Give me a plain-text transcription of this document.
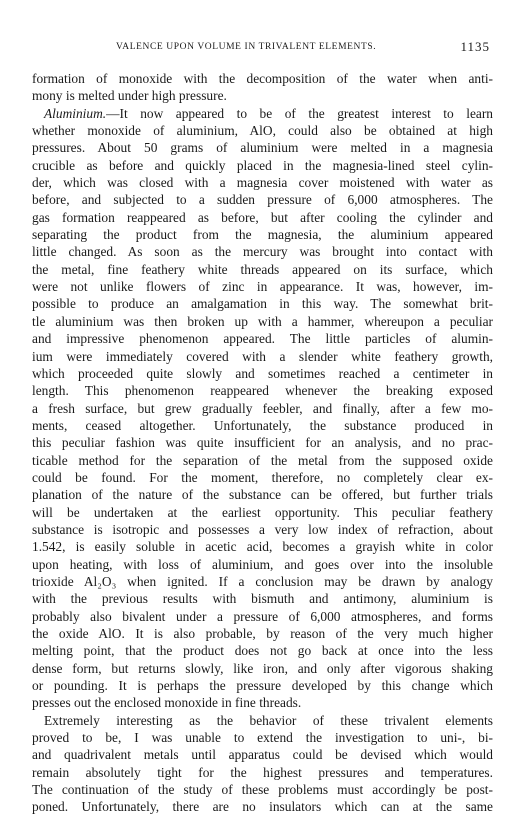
VALENCE UPON VOLUME IN TRIVALENT ELEMENTS.	1135
formation of monoxide with the decomposition of the water when anti-
mony is melted under high pressure.
Aluminium.—It now appeared to be of the greatest interest to learn
whether monoxide of aluminium, AlO, could also be obtained at high
pressures. About 50 grams of aluminium were melted in a magnesia
crucible as before and quickly placed in the magnesia-lined steel cylin-
der, which was closed with a magnesia cover moistened with water as
before, and subjected to a sudden pressure of 6,000 atmospheres. The
gas formation reappeared as before, but after cooling the cylinder and
separating the product from the magnesia, the aluminium appeared
little changed. As soon as the mercury was brought into contact with
the metal, fine feathery white threads appeared on its surface, which
were not unlike flowers of zinc in appearance. It was, however, im-
possible to produce an amalgamation in this way. The somewhat brit-
tle aluminium was then broken up with a hammer, whereupon a peculiar
and impressive phenomenon appeared. The little particles of alumin-
ium were immediately covered with a slender white feathery growth,
which proceeded quite slowly and sometimes reached a centimeter in
length. This phenomenon reappeared whenever the breaking exposed
a fresh surface, but grew gradually feebler, and finally, after a few mo-
ments, ceased altogether. Unfortunately, the substance produced in
this peculiar fashion was quite insufficient for an analysis, and no prac-
ticable method for the separation of the metal from the supposed oxide
could be found. For the moment, therefore, no completely clear ex-
planation of the nature of the substance can be offered, but further trials
will be undertaken at the earliest opportunity. This peculiar feathery
substance is isotropic and possesses a very low index of refraction, about
1.542, is easily soluble in acetic acid, becomes a grayish white in color
upon heating, with loss of aluminium, and goes over into the insoluble
trioxide Al₂O₃ when ignited. If a conclusion may be drawn by analogy
with the previous results with bismuth and antimony, aluminium is
probably also bivalent under a pressure of 6,000 atmospheres, and forms
the oxide AlO. It is also probable, by reason of the very much higher
melting point, that the product does not go back at once into the less
dense form, but returns slowly, like iron, and only after vigorous shaking
or pounding. It is perhaps the pressure developed by this change which
presses out the enclosed monoxide in fine threads.
Extremely interesting as the behavior of these trivalent elements
proved to be, I was unable to extend the investigation to uni-, bi-
and quadrivalent metals until apparatus could be devised which would
remain absolutely tight for the highest pressures and temperatures.
The continuation of the study of these problems must accordingly be post-
poned. Unfortunately, there are no insulators which can at the same
